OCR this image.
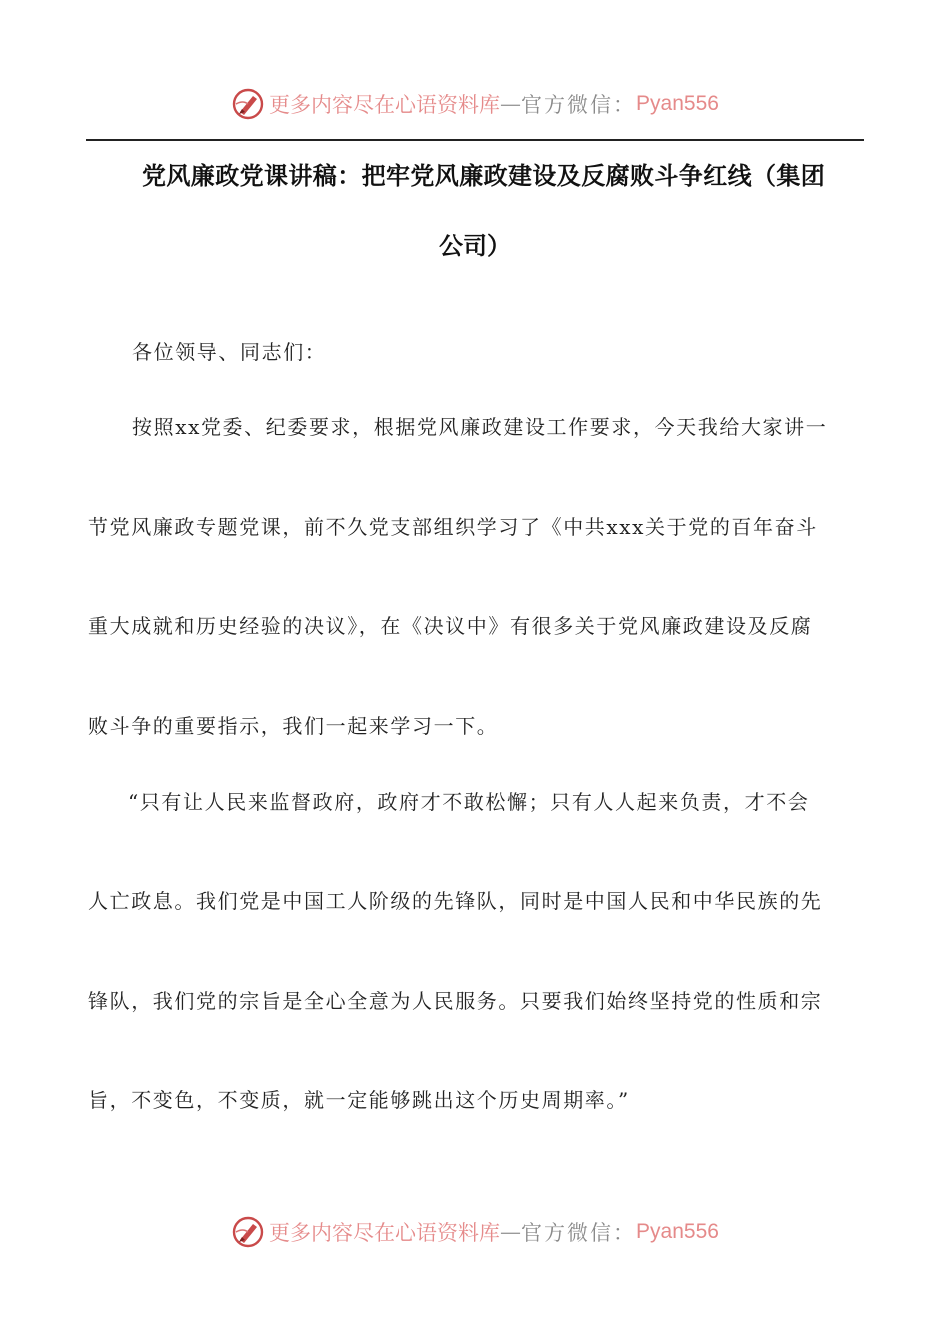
更多内容尽在心语资料库 — 官方微信： Pyan556
党风廉政党课讲稿：把牢党风廉政建设及反腐败斗争红线（集团
公司）
各位领导、同志们：
按照xx党委、纪委要求，根据党风廉政建设工作要求，今天我给大家讲一
节党风廉政专题党课，前不久党支部组织学习了《中共xxx关于党的百年奋斗
重大成就和历史经验的决议》，在《决议中》有很多关于党风廉政建设及反腐
败斗争的重要指示，我们一起来学习一下。
“只有让人民来监督政府，政府才不敢松懈；只有人人起来负责，才不会
人亡政息。我们党是中国工人阶级的先锋队，同时是中国人民和中华民族的先
锋队，我们党的宗旨是全心全意为人民服务。只要我们始终坚持党的性质和宗
旨，不变色，不变质，就一定能够跳出这个历史周期率。”
更多内容尽在心语资料库 — 官方微信： Pyan556
